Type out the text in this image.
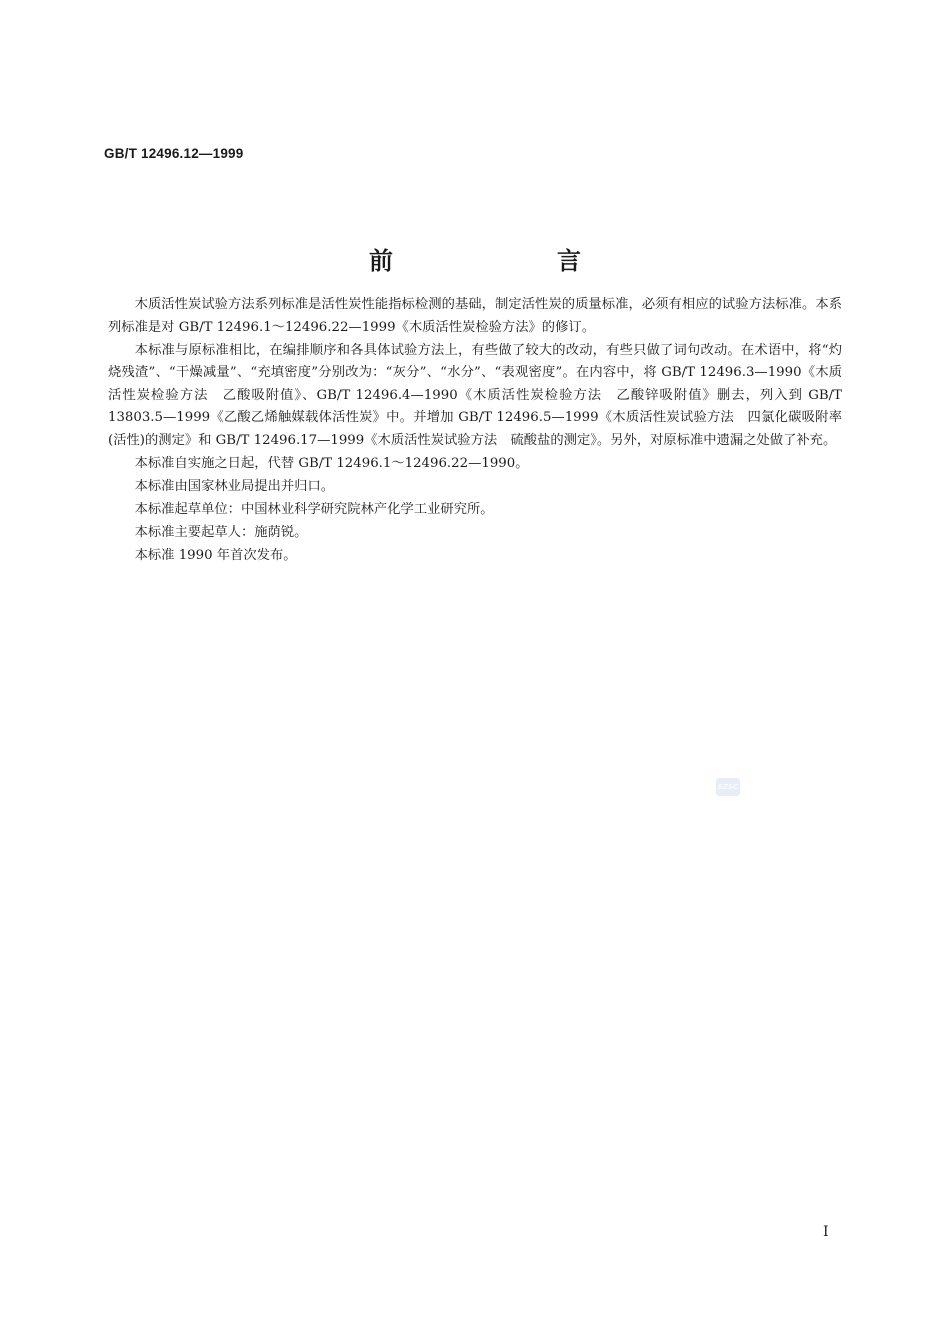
GB/T 12496.12—1999
前　言

木质活性炭试验方法系列标准是活性炭性能指标检测的基础，制定活性炭的质量标准，必须有相应的试验方法标准。本系列标准是对 GB/T 12496.1～12496.22—1999《木质活性炭检验方法》的修订。

本标准与原标准相比，在编排顺序和各具体试验方法上，有些做了较大的改动，有些只做了词句改动。在术语中，将“灼烧残渣”、“干燥减量”、“充填密度”分别改为：“灰分”、“水分”、“表观密度”。在内容中，将 GB/T 12496.3—1990《木质活性炭检验方法　乙酸吸附值》、GB/T 12496.4—1990《木质活性炭检验方法　乙酸锌吸附值》删去，列入到 GB/T 13803.5—1999《乙酸乙烯触媒载体活性炭》中。并增加 GB/T 12496.5—1999《木质活性炭试验方法　四氯化碳吸附率(活性)的测定》和 GB/T 12496.17—1999《木质活性炭试验方法　硫酸盐的测定》。另外，对原标准中遗漏之处做了补充。

本标准自实施之日起，代替 GB/T 12496.1～12496.22—1990。

本标准由国家林业局提出并归口。

本标准起草单位：中国林业科学研究院林产化学工业研究所。

本标准主要起草人：施荫锐。

本标准 1990 年首次发布。

SZSC
I
